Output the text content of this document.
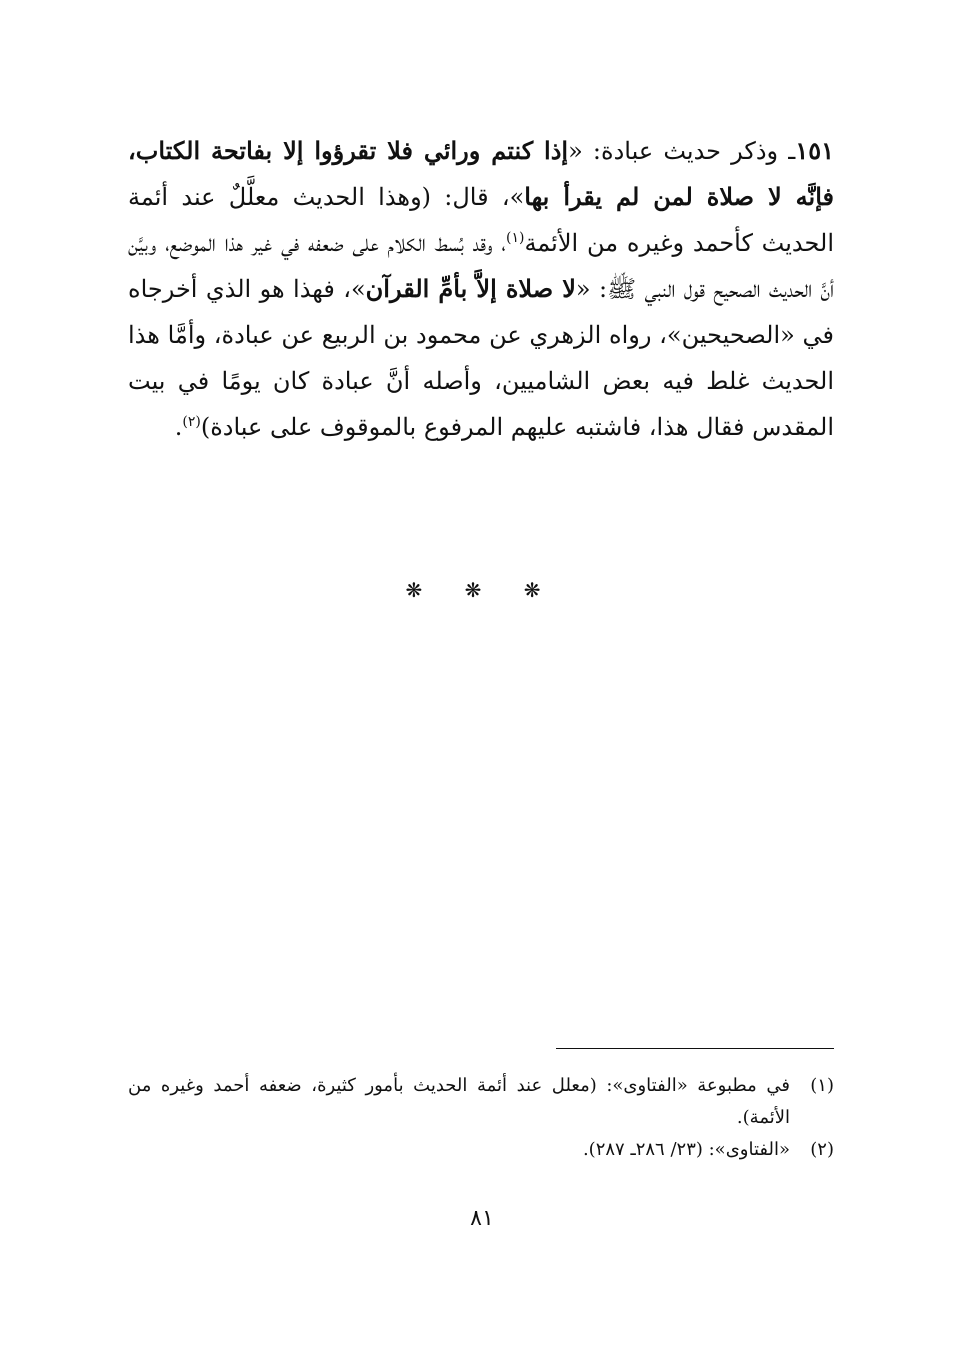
١٥١ـ وذكر حديث عبادة: «إذا كنتم ورائي فلا تقرؤوا إلا بفاتحة الكتاب، فإنَّه لا صلاة لمن لم يقرأ بها»، قال: (وهذا الحديث معلَّلٌ عند أئمة الحديث كأحمد وغيره من الأئمة$^{(١)}$، وقد بُسط الكلام على ضعفه في غير هذا الموضع، وبيَّن أنَّ الحديث الصحيح قول النبي ﷺ: «لا صلاة إلاَّ بأمِّ القرآن»، فهذا هو الذي أخرجاه في «الصحيحين»، رواه الزهري عن محمود بن الربيع عن عبادة، وأمَّا هذا الحديث غلط فيه بعض الشاميين، وأصله أنَّ عبادة كان يومًا في بيت المقدس فقال هذا، فاشتبه عليهم المرفوع بالموقوف على عبادة)$^{(٢)}$.

❋ ❋ ❋
(١)
في مطبوعة «الفتاوى»: (معلل عند أئمة الحديث بأمور كثيرة، ضعفه أحمد وغيره من الأئمة).
(٢)
«الفتاوى»: (٢٣/ ٢٨٦ـ ٢٨٧).
٨١
